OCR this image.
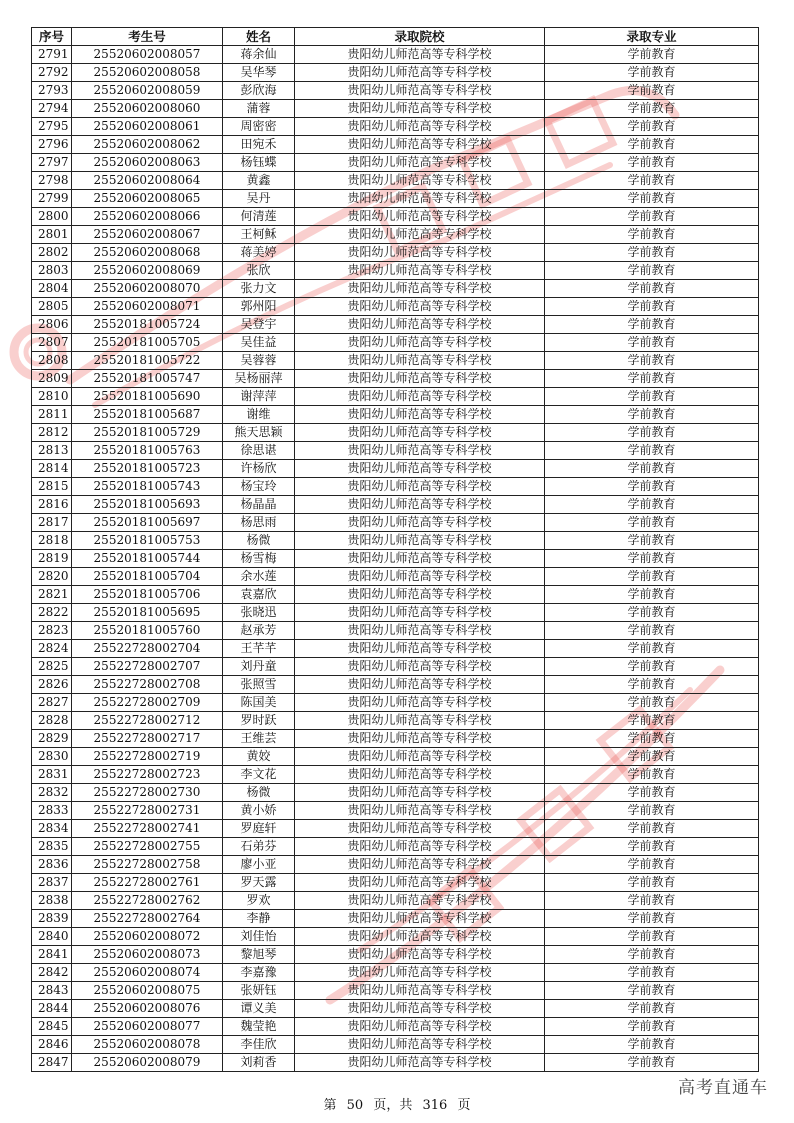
序号	考生号	姓名	录取院校	录取专业
2791	25520602008057	蒋余仙	贵阳幼儿师范高等专科学校	学前教育
2792	25520602008058	吴华琴	贵阳幼儿师范高等专科学校	学前教育
2793	25520602008059	彭欣海	贵阳幼儿师范高等专科学校	学前教育
2794	25520602008060	蒲蓉	贵阳幼儿师范高等专科学校	学前教育
2795	25520602008061	周密密	贵阳幼儿师范高等专科学校	学前教育
2796	25520602008062	田宛禾	贵阳幼儿师范高等专科学校	学前教育
2797	25520602008063	杨钰蝶	贵阳幼儿师范高等专科学校	学前教育
2798	25520602008064	黄鑫	贵阳幼儿师范高等专科学校	学前教育
2799	25520602008065	吴丹	贵阳幼儿师范高等专科学校	学前教育
2800	25520602008066	何清莲	贵阳幼儿师范高等专科学校	学前教育
2801	25520602008067	王柯稣	贵阳幼儿师范高等专科学校	学前教育
2802	25520602008068	蒋美婷	贵阳幼儿师范高等专科学校	学前教育
2803	25520602008069	张欣	贵阳幼儿师范高等专科学校	学前教育
2804	25520602008070	张力文	贵阳幼儿师范高等专科学校	学前教育
2805	25520602008071	郭州阳	贵阳幼儿师范高等专科学校	学前教育
2806	25520181005724	吴登宇	贵阳幼儿师范高等专科学校	学前教育
2807	25520181005705	吴佳益	贵阳幼儿师范高等专科学校	学前教育
2808	25520181005722	吴蓉蓉	贵阳幼儿师范高等专科学校	学前教育
2809	25520181005747	吴杨丽萍	贵阳幼儿师范高等专科学校	学前教育
2810	25520181005690	谢萍萍	贵阳幼儿师范高等专科学校	学前教育
2811	25520181005687	谢维	贵阳幼儿师范高等专科学校	学前教育
2812	25520181005729	熊天思颖	贵阳幼儿师范高等专科学校	学前教育
2813	25520181005763	徐思谌	贵阳幼儿师范高等专科学校	学前教育
2814	25520181005723	许杨欣	贵阳幼儿师范高等专科学校	学前教育
2815	25520181005743	杨宝玲	贵阳幼儿师范高等专科学校	学前教育
2816	25520181005693	杨晶晶	贵阳幼儿师范高等专科学校	学前教育
2817	25520181005697	杨思雨	贵阳幼儿师范高等专科学校	学前教育
2818	25520181005753	杨微	贵阳幼儿师范高等专科学校	学前教育
2819	25520181005744	杨雪梅	贵阳幼儿师范高等专科学校	学前教育
2820	25520181005704	余水莲	贵阳幼儿师范高等专科学校	学前教育
2821	25520181005706	袁嘉欣	贵阳幼儿师范高等专科学校	学前教育
2822	25520181005695	张晓迅	贵阳幼儿师范高等专科学校	学前教育
2823	25520181005760	赵承芳	贵阳幼儿师范高等专科学校	学前教育
2824	25522728002704	王芊芊	贵阳幼儿师范高等专科学校	学前教育
2825	25522728002707	刘丹童	贵阳幼儿师范高等专科学校	学前教育
2826	25522728002708	张照雪	贵阳幼儿师范高等专科学校	学前教育
2827	25522728002709	陈国美	贵阳幼儿师范高等专科学校	学前教育
2828	25522728002712	罗时跃	贵阳幼儿师范高等专科学校	学前教育
2829	25522728002717	王维芸	贵阳幼儿师范高等专科学校	学前教育
2830	25522728002719	黄姣	贵阳幼儿师范高等专科学校	学前教育
2831	25522728002723	李文花	贵阳幼儿师范高等专科学校	学前教育
2832	25522728002730	杨微	贵阳幼儿师范高等专科学校	学前教育
2833	25522728002731	黄小娇	贵阳幼儿师范高等专科学校	学前教育
2834	25522728002741	罗庭轩	贵阳幼儿师范高等专科学校	学前教育
2835	25522728002755	石弟芬	贵阳幼儿师范高等专科学校	学前教育
2836	25522728002758	廖小亚	贵阳幼儿师范高等专科学校	学前教育
2837	25522728002761	罗天露	贵阳幼儿师范高等专科学校	学前教育
2838	25522728002762	罗欢	贵阳幼儿师范高等专科学校	学前教育
2839	25522728002764	李静	贵阳幼儿师范高等专科学校	学前教育
2840	25520602008072	刘佳怡	贵阳幼儿师范高等专科学校	学前教育
2841	25520602008073	黎旭琴	贵阳幼儿师范高等专科学校	学前教育
2842	25520602008074	李嘉豫	贵阳幼儿师范高等专科学校	学前教育
2843	25520602008075	张妍钰	贵阳幼儿师范高等专科学校	学前教育
2844	25520602008076	谭义美	贵阳幼儿师范高等专科学校	学前教育
2845	25520602008077	魏莹艳	贵阳幼儿师范高等专科学校	学前教育
2846	25520602008078	李佳欣	贵阳幼儿师范高等专科学校	学前教育
2847	25520602008079	刘莉香	贵阳幼儿师范高等专科学校	学前教育
第 50 页，共 316 页
高考直通车
